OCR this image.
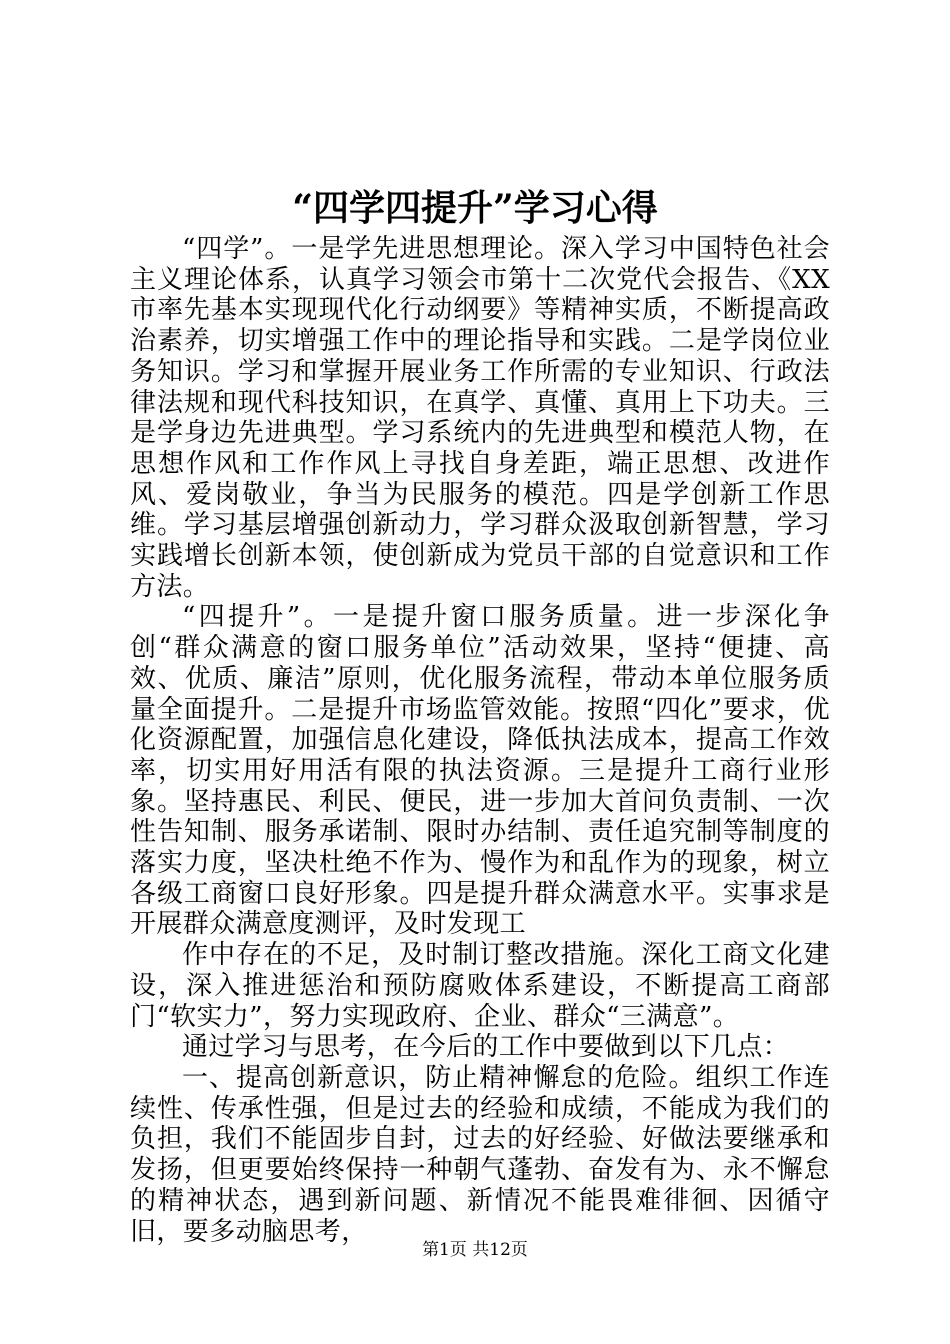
“四学四提升”学习心得

“四学”。一是学先进思想理论。深入学习中国特色社会主义理论体系，认真学习领会市第十二次党代会报告、《XX市率先基本实现现代化行动纲要》等精神实质，不断提高政治素养，切实增强工作中的理论指导和实践。二是学岗位业务知识。学习和掌握开展业务工作所需的专业知识、行政法律法规和现代科技知识，在真学、真懂、真用上下功夫。三是学身边先进典型。学习系统内的先进典型和模范人物，在思想作风和工作作风上寻找自身差距，端正思想、改进作风、爱岗敬业，争当为民服务的模范。四是学创新工作思维。学习基层增强创新动力，学习群众汲取创新智慧，学习实践增长创新本领，使创新成为党员干部的自觉意识和工作方法。

“四提升”。一是提升窗口服务质量。进一步深化争创“群众满意的窗口服务单位”活动效果，坚持“便捷、高效、优质、廉洁”原则，优化服务流程，带动本单位服务质量全面提升。二是提升市场监管效能。按照“四化”要求，优化资源配置，加强信息化建设，降低执法成本，提高工作效率，切实用好用活有限的执法资源。三是提升工商行业形象。坚持惠民、利民、便民，进一步加大首问负责制、一次性告知制、服务承诺制、限时办结制、责任追究制等制度的落实力度，坚决杜绝不作为、慢作为和乱作为的现象，树立各级工商窗口良好形象。四是提升群众满意水平。实事求是开展群众满意度测评，及时发现工

作中存在的不足，及时制订整改措施。深化工商文化建设，深入推进惩治和预防腐败体系建设，不断提高工商部门“软实力”，努力实现政府、企业、群众“三满意”。

通过学习与思考，在今后的工作中要做到以下几点：

一、提高创新意识，防止精神懈怠的危险。组织工作连续性、传承性强，但是过去的经验和成绩，不能成为我们的负担，我们不能固步自封，过去的好经验、好做法要继承和发扬，但更要始终保持一种朝气蓬勃、奋发有为、永不懈怠的精神状态，遇到新问题、新情况不能畏难徘徊、因循守旧，要多动脑思考，

第1页 共12页
